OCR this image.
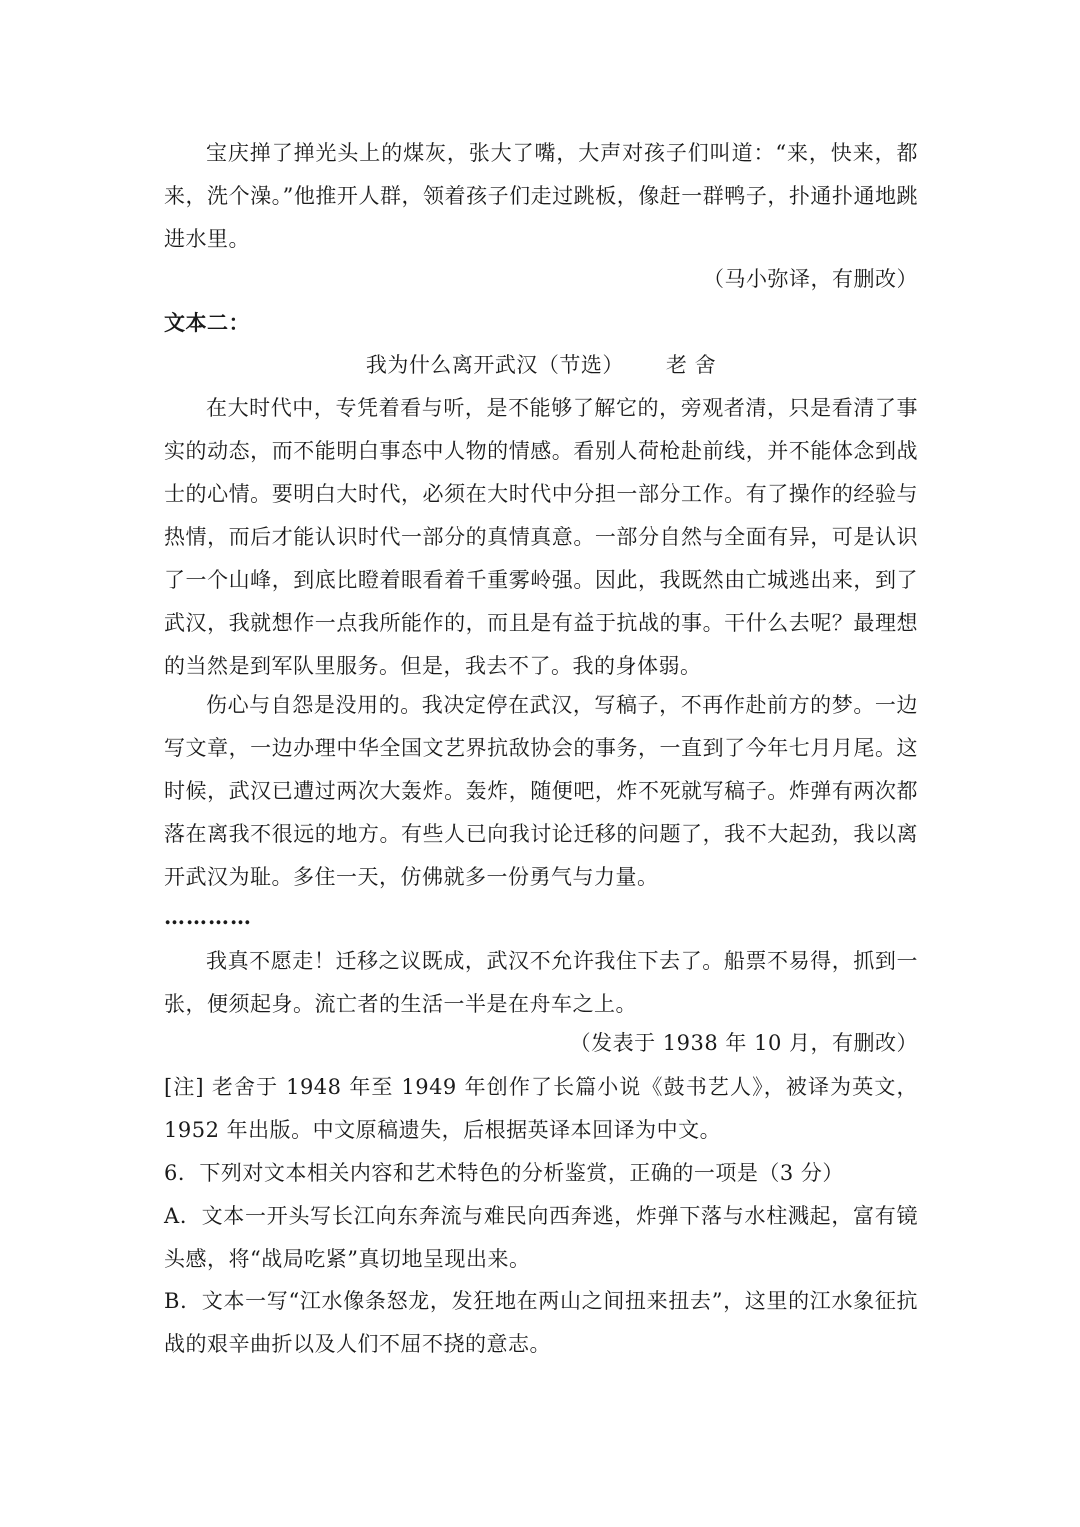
宝庆掸了掸光头上的煤灰，张大了嘴，大声对孩子们叫道：“来，快来，都来，洗个澡。”他推开人群，领着孩子们走过跳板，像赶一群鸭子，扑通扑通地跳进水里。

（马小弥译，有删改）

文本二：

我为什么离开武汉（节选） 老 舍

在大时代中，专凭着看与听，是不能够了解它的，旁观者清，只是看清了事实的动态，而不能明白事态中人物的情感。看别人荷枪赴前线，并不能体念到战士的心情。要明白大时代，必须在大时代中分担一部分工作。有了操作的经验与热情，而后才能认识时代一部分的真情真意。一部分自然与全面有异，可是认识了一个山峰，到底比瞪着眼看着千重雾岭强。因此，我既然由亡城逃出来，到了武汉，我就想作一点我所能作的，而且是有益于抗战的事。干什么去呢？最理想的当然是到军队里服务。但是，我去不了。我的身体弱。

伤心与自怨是没用的。我决定停在武汉，写稿子，不再作赴前方的梦。一边写文章，一边办理中华全国文艺界抗敌协会的事务，一直到了今年七月月尾。这时候，武汉已遭过两次大轰炸。轰炸，随便吧，炸不死就写稿子。炸弹有两次都落在离我不很远的地方。有些人已向我讨论迁移的问题了，我不大起劲，我以离开武汉为耻。多住一天，仿佛就多一份勇气与力量。

…………

我真不愿走！迁移之议既成，武汉不允许我住下去了。船票不易得，抓到一张，便须起身。流亡者的生活一半是在舟车之上。

（发表于 1938 年 10 月，有删改）

[注] 老舍于 1948 年至 1949 年创作了长篇小说《鼓书艺人》，被译为英文，1952 年出版。中文原稿遗失，后根据英译本回译为中文。

6．下列对文本相关内容和艺术特色的分析鉴赏，正确的一项是（3 分）

A．文本一开头写长江向东奔流与难民向西奔逃，炸弹下落与水柱溅起，富有镜头感，将“战局吃紧”真切地呈现出来。

B．文本一写“江水像条怒龙，发狂地在两山之间扭来扭去”，这里的江水象征抗战的艰辛曲折以及人们不屈不挠的意志。
